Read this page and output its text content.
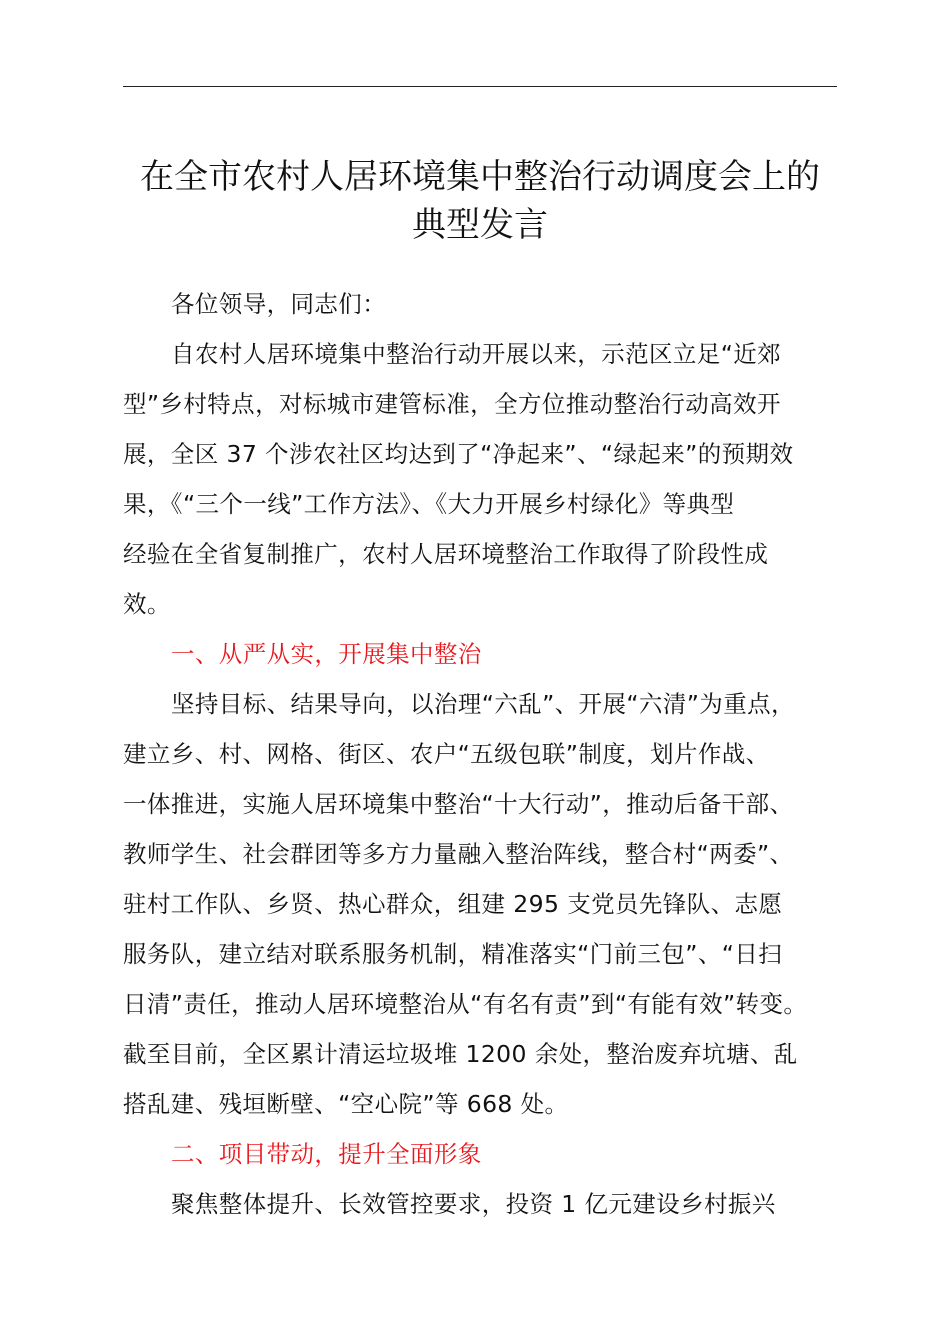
在全市农村人居环境集中整治行动调度会上的
典型发言
各位领导，同志们：
自农村人居环境集中整治行动开展以来，示范区立足“近郊
型”乡村特点，对标城市建管标准，全方位推动整治行动高效开
展，全区 37 个涉农社区均达到了“净起来”、“绿起来”的预期效
果，《“三个一线”工作方法》、《大力开展乡村绿化》等典型
经验在全省复制推广，农村人居环境整治工作取得了阶段性成
效。
一、从严从实，开展集中整治
坚持目标、结果导向，以治理“六乱”、开展“六清”为重点，
建立乡、村、网格、街区、农户“五级包联”制度，划片作战、
一体推进，实施人居环境集中整治“十大行动”，推动后备干部、
教师学生、社会群团等多方力量融入整治阵线，整合村“两委”、
驻村工作队、乡贤、热心群众，组建 295 支党员先锋队、志愿
服务队，建立结对联系服务机制，精准落实“门前三包”、“日扫
日清”责任，推动人居环境整治从“有名有责”到“有能有效”转变。
截至目前，全区累计清运垃圾堆 1200 余处，整治废弃坑塘、乱
搭乱建、残垣断壁、“空心院”等 668 处。
二、项目带动，提升全面形象
聚焦整体提升、长效管控要求，投资 1 亿元建设乡村振兴
